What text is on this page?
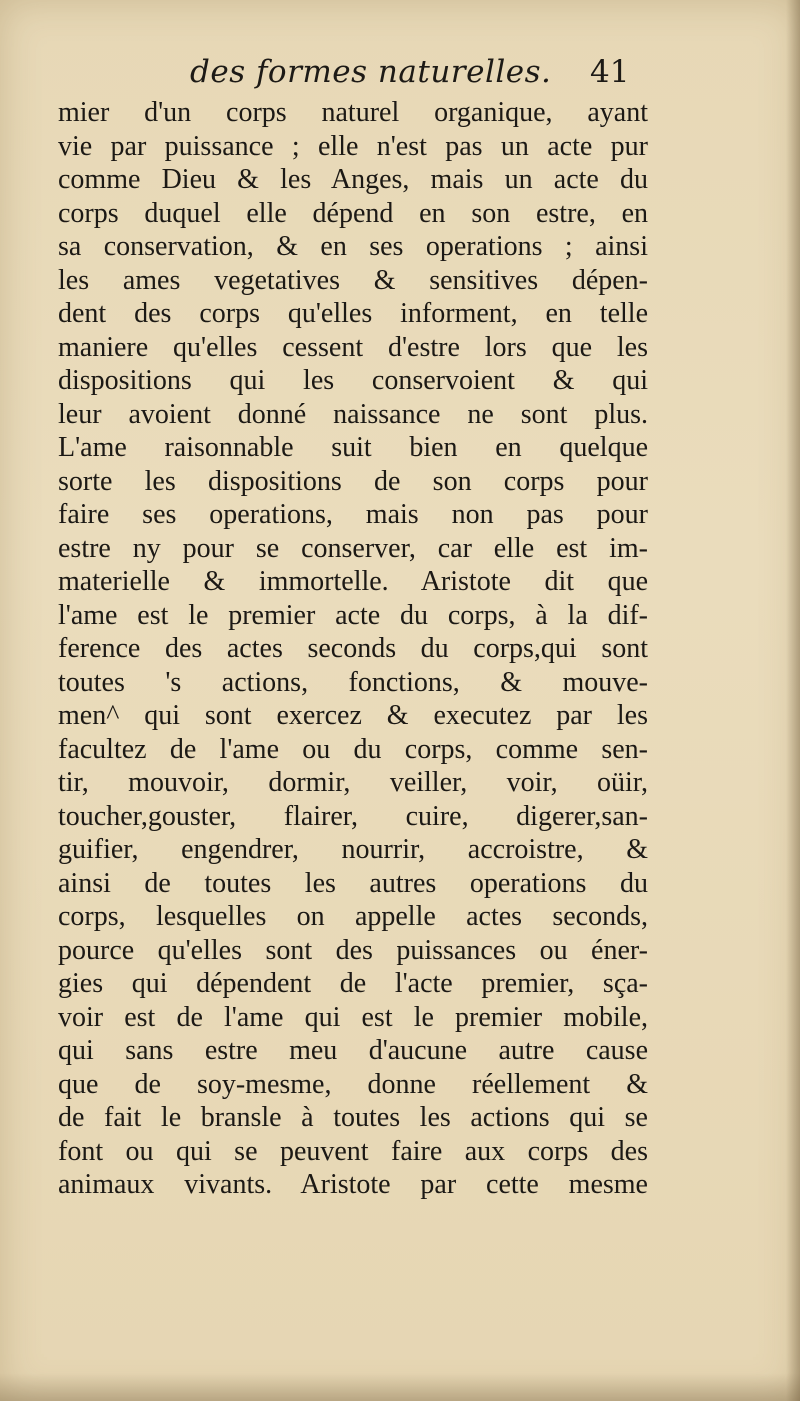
des formes naturelles. 41
mier d'un corps naturel organique, ayant
vie par puissance ; elle n'est pas un acte pur
comme Dieu & les Anges, mais un acte du
corps duquel elle dépend en son estre, en
sa conservation, & en ses operations ; ainsi
les ames vegetatives & sensitives dépen-
dent des corps qu'elles informent, en telle
maniere qu'elles cessent d'estre lors que les
dispositions qui les conservoient & qui
leur avoient donné naissance ne sont plus.
L'ame raisonnable suit bien en quelque
sorte les dispositions de son corps pour
faire ses operations, mais non pas pour
estre ny pour se conserver, car elle est im-
materielle & immortelle. Aristote dit que
l'ame est le premier acte du corps, à la dif-
ference des actes seconds du corps,qui sont
toutes 's actions, fonctions, & mouve-
men^ qui sont exercez & executez par les
facultez de l'ame ou du corps, comme sen-
tir, mouvoir, dormir, veiller, voir, oüir,
toucher,gouster, flairer, cuire, digerer,san-
guifier, engendrer, nourrir, accroistre, &
ainsi de toutes les autres operations du
corps, lesquelles on appelle actes seconds,
pource qu'elles sont des puissances ou éner-
gies qui dépendent de l'acte premier, sça-
voir est de l'ame qui est le premier mobile,
qui sans estre meu d'aucune autre cause
que de soy-mesme, donne réellement &
de fait le bransle à toutes les actions qui se
font ou qui se peuvent faire aux corps des
animaux vivants. Aristote par cette mesme
